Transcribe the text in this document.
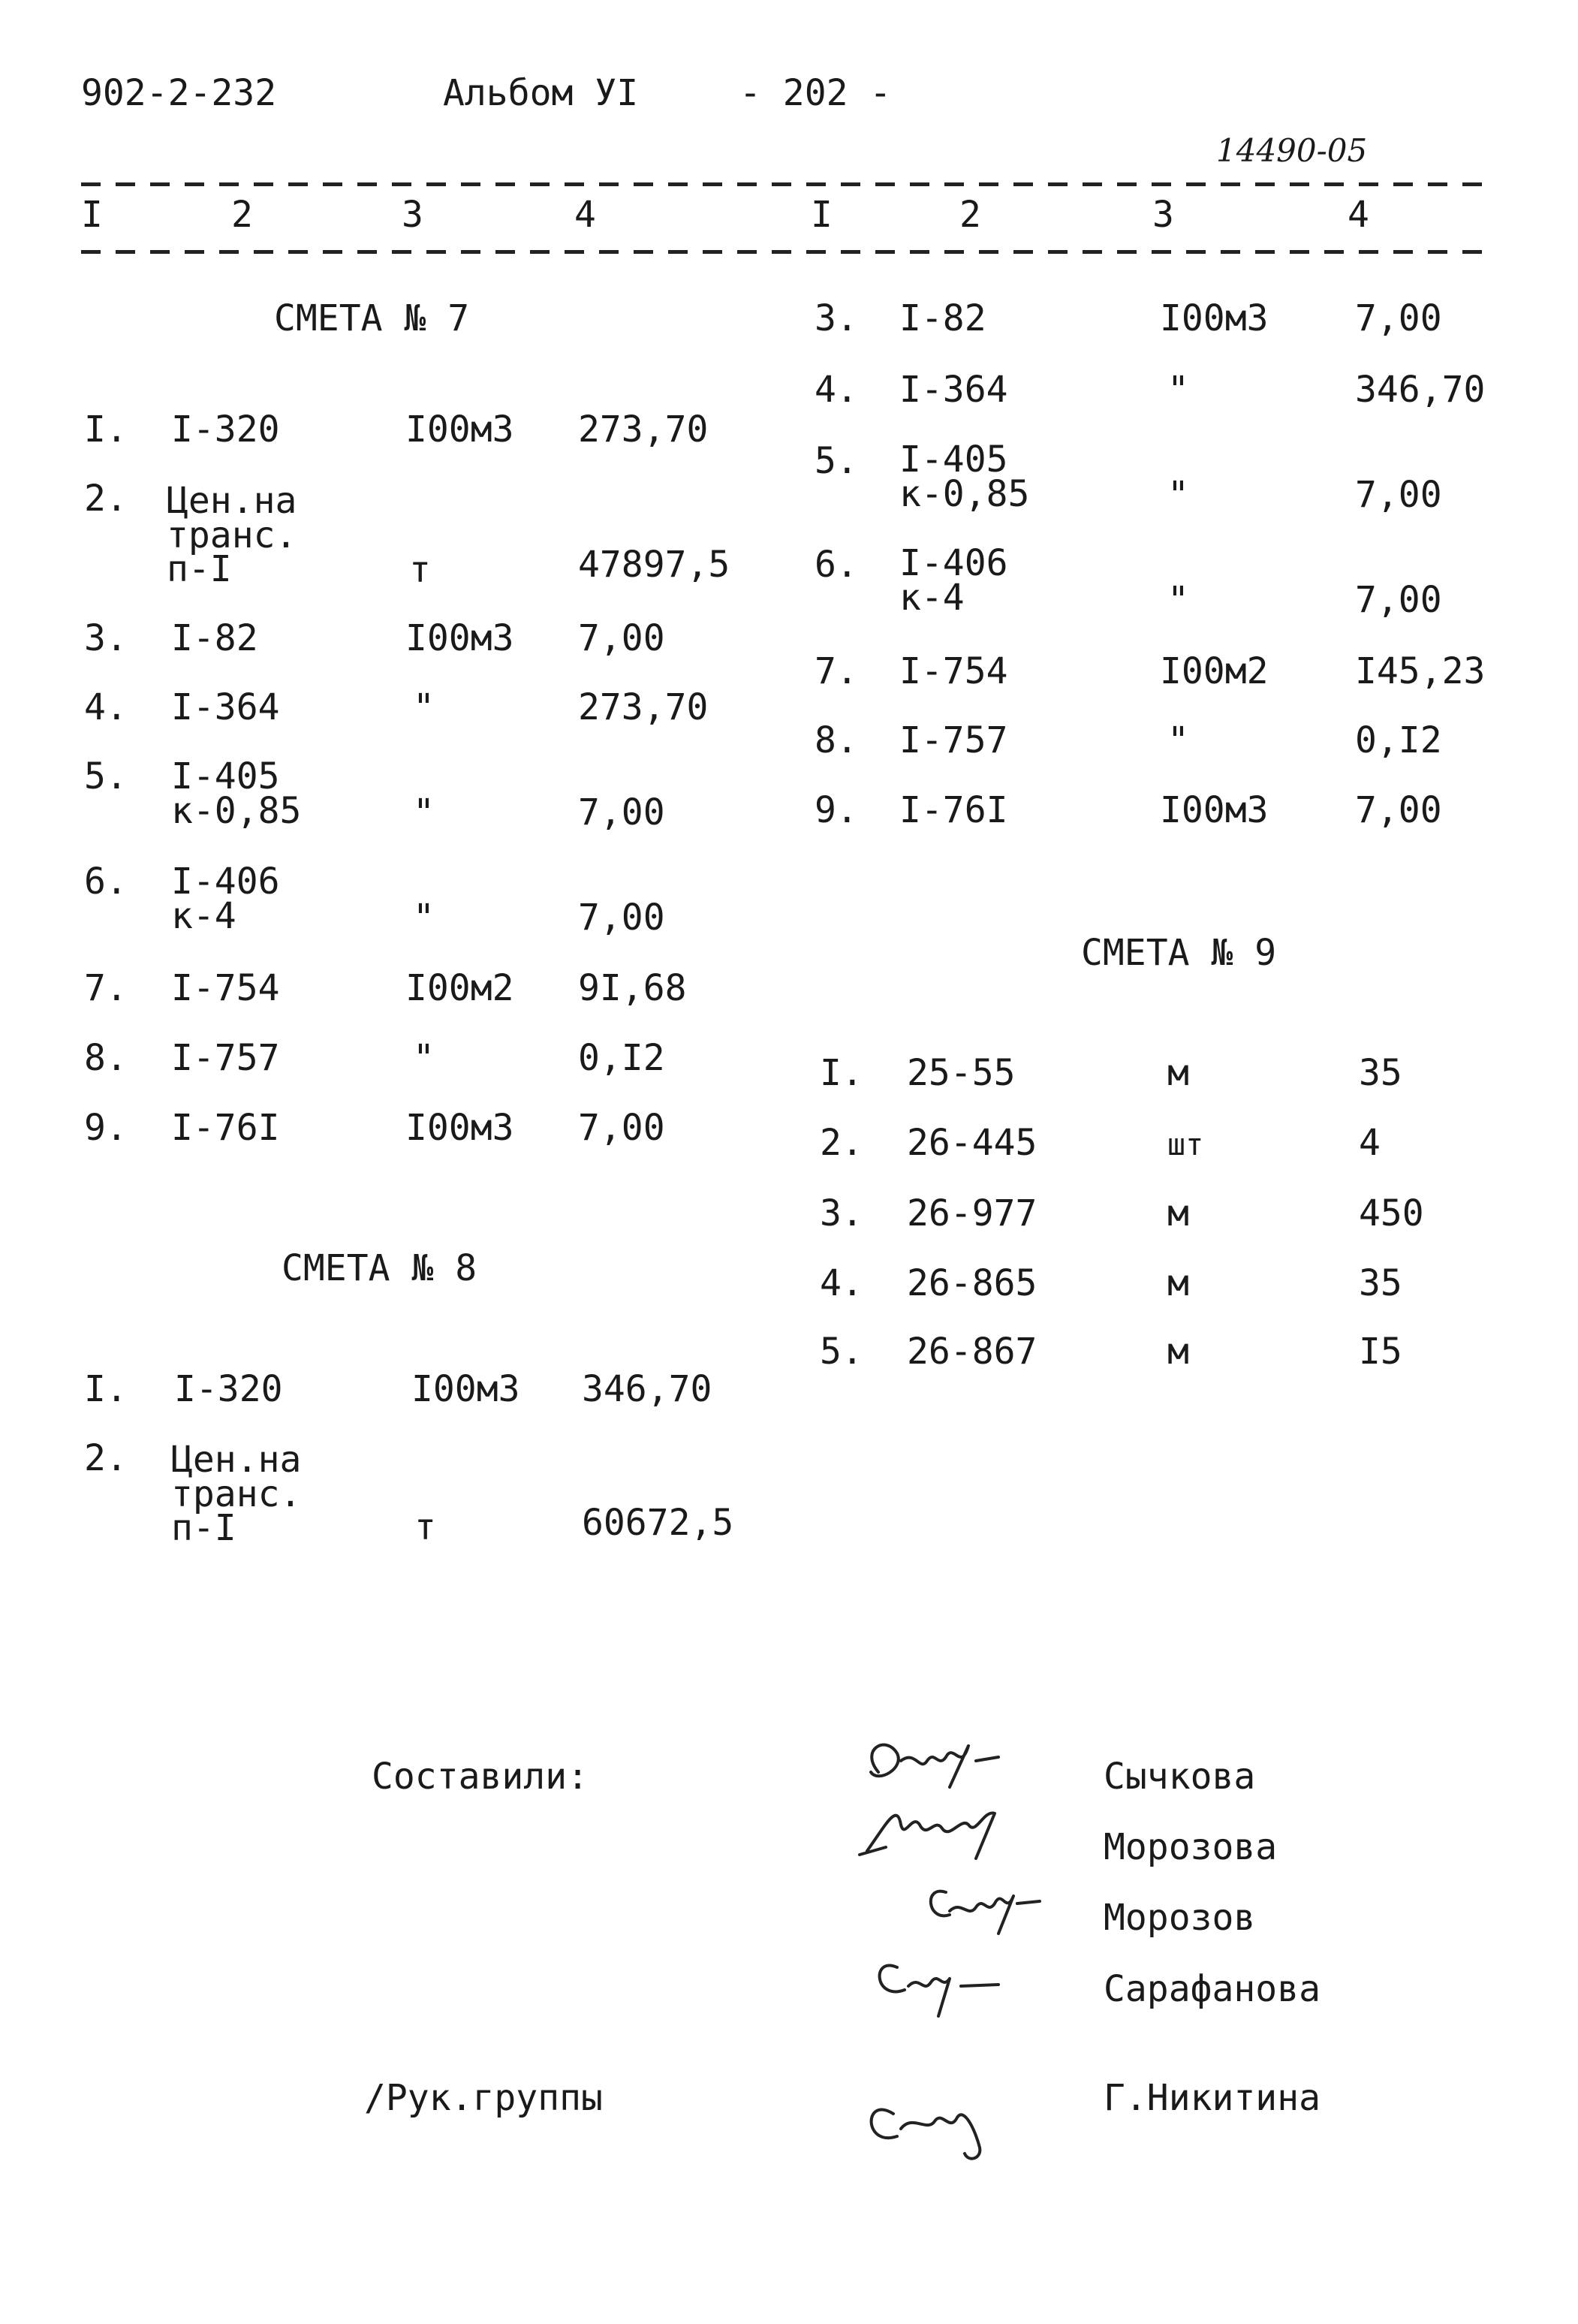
902-2-232	Альбом УI	- 202 -
14490-05
I	2	3	4	I	2	3	4
СМЕТА № 7
I. I-320	I00м3 273,70
2. Цен.на
транс.
п-I	т	47897,5
3. I-82	I00м3 7,00
4. I-364	"	273,70
5. I-405
к-0,85	"	7,00
6. I-406
к-4	"	7,00
7. I-754	I00м2 9I,68
8. I-757	"	0,I2
9. I-76I	I00м3 7,00
СМЕТА № 8
I. I-320	I00м3 346,70
2. Цен.на
транс.
п-I	т	60672,5
3. I-82	I00м3 7,00
4. I-364	"	346,70
5. I-405
к-0,85	"	7,00
6. I-406
к-4	"	7,00
7. I-754	I00м2 I45,23
8. I-757	"	0,I2
9. I-76I	I00м3 7,00
СМЕТА № 9
I. 25-55	м	35
2. 26-445	шт	4
3. 26-977	м	450
4. 26-865	м	35
5. 26-867	м	I5
Составили:	Сычкова
Морозова
Морозов
Сарафанова
/Рук.группы	Г.Никитина
